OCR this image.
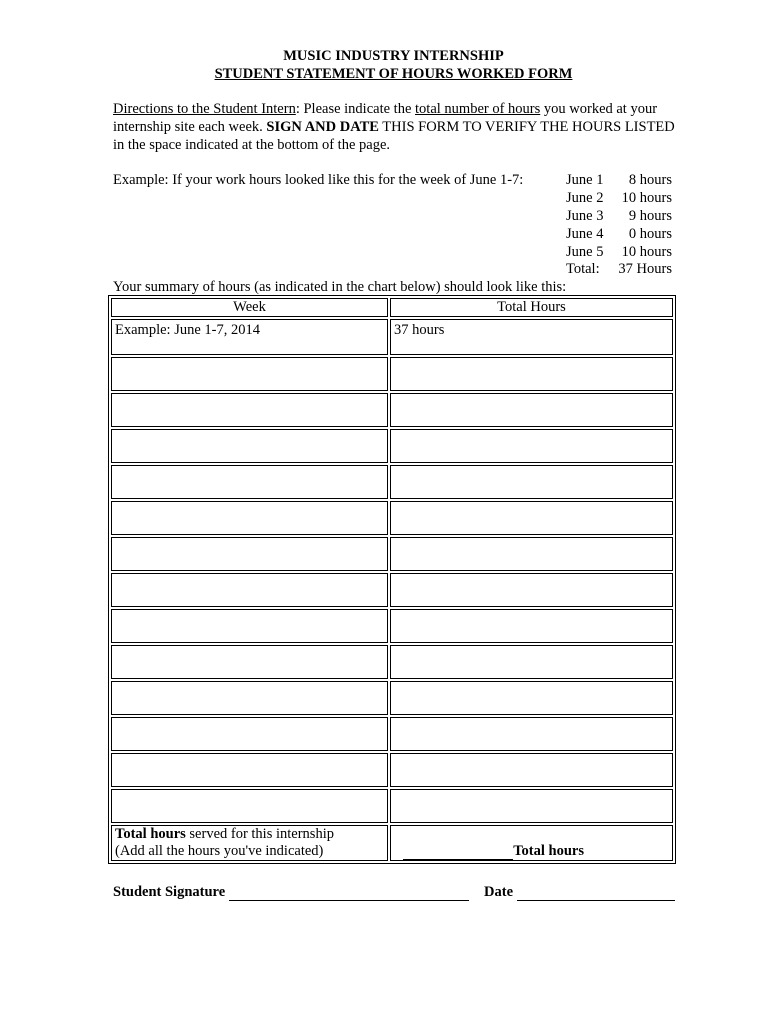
MUSIC INDUSTRY INTERNSHIP
STUDENT STATEMENT OF HOURS WORKED FORM
Directions to the Student Intern: Please indicate the total number of hours you worked at your
internship site each week. SIGN AND DATE THIS FORM TO VERIFY THE HOURS LISTED
in the space indicated at the bottom of the page.
Example: If your work hours looked like this for the week of June 1-7:	June 1 8 hours
June 2 10 hours
June 3 9 hours
June 4 0 hours
June 5 10 hours
Total: 37 Hours
Your summary of hours (as indicated in the chart below) should look like this:
Week	Total Hours
Example: June 1-7, 2014	37 hours

Total hours served for this internship
(Add all the hours you've indicated)	Total hours
Student Signature	Date
